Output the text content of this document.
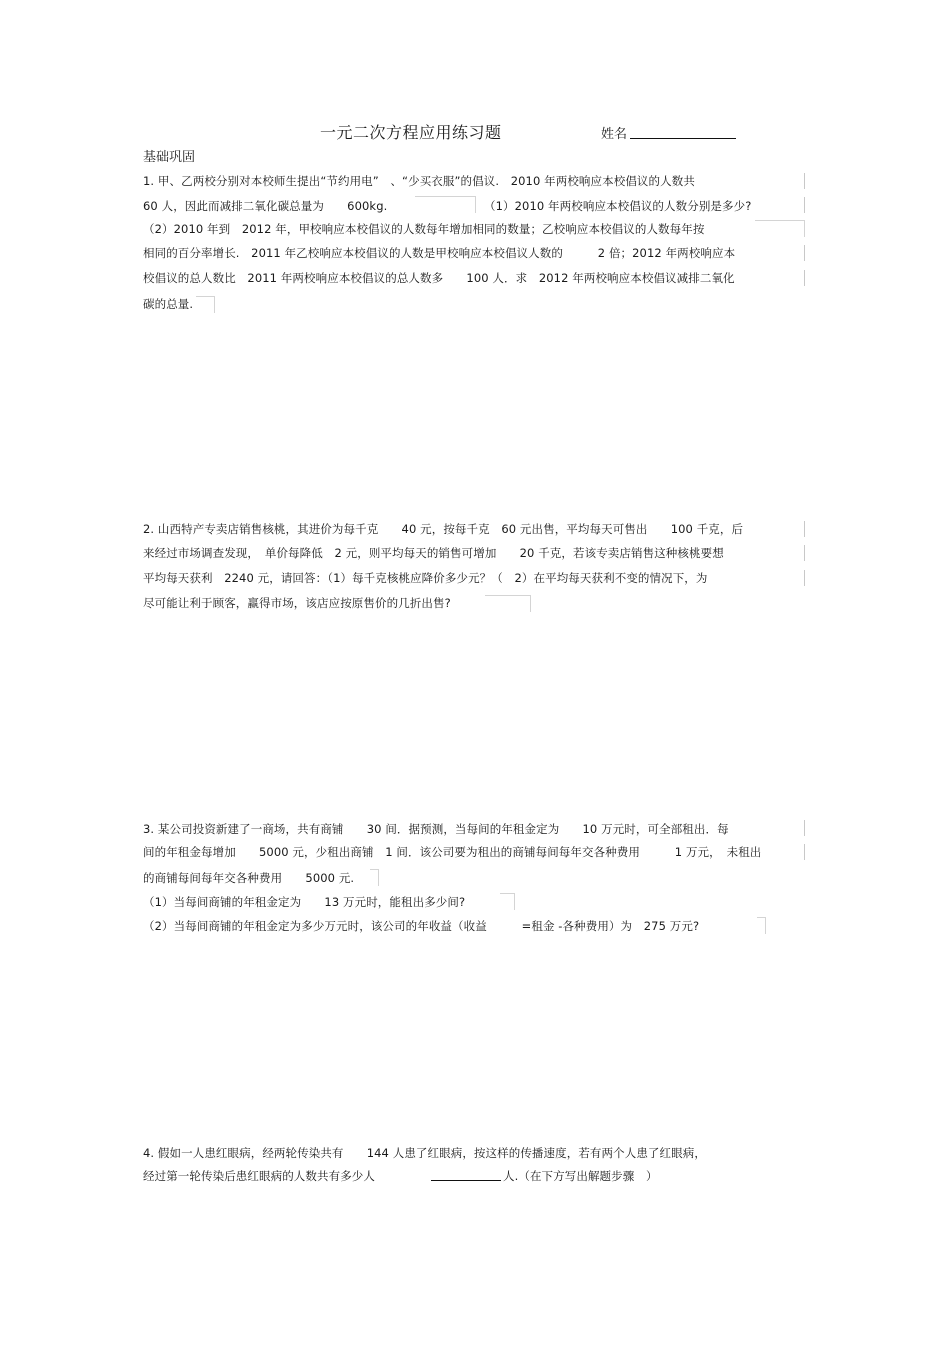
一元二次方程应用练习题	姓名
基础巩固
1. 甲、乙两校分别对本校师生提出“节约用电”　、“少买衣服”的倡议.　2010 年两校响应本校倡议的人数共
60 人，因此而减排二氧化碳总量为　　600kg.	（1）2010 年两校响应本校倡议的人数分别是多少?
（2）2010 年到　2012 年，甲校响应本校倡议的人数每年增加相同的数量；乙校响应本校倡议的人数每年按
相同的百分率增长.　2011 年乙校响应本校倡议的人数是甲校响应本校倡议人数的　　　2 倍；2012 年两校响应本
校倡议的总人数比　2011 年两校响应本校倡议的总人数多　　100 人．求　2012 年两校响应本校倡议减排二氧化
碳的总量.
2. 山西特产专卖店销售核桃，其进价为每千克　　40 元，按每千克　60 元出售，平均每天可售出　　100 千克，后
来经过市场调查发现，　单价每降低　2 元，则平均每天的销售可增加　　20 千克，若该专卖店销售这种核桃要想
平均每天获利　2240 元，请回答：（1）每千克核桃应降价多少元？（　2）在平均每天获利不变的情况下，为
尽可能让利于顾客，赢得市场，该店应按原售价的几折出售?
3. 某公司投资新建了一商场，共有商铺　　30 间．据预测，当每间的年租金定为　　10 万元时，可全部租出．每
间的年租金每增加　　5000 元，少租出商铺　1 间．该公司要为租出的商铺每间每年交各种费用　　　1 万元，　未租出
的商铺每间每年交各种费用　　5000 元.
（1）当每间商铺的年租金定为　　13 万元时，能租出多少间?
（2）当每间商铺的年租金定为多少万元时，该公司的年收益（收益　　　=租金 -各种费用）为　275 万元?
4. 假如一人患红眼病，经两轮传染共有　　144 人患了红眼病，按这样的传播速度，若有两个人患了红眼病，
经过第一轮传染后患红眼病的人数共有多少人　　	人.（在下方写出解题步骤　）
